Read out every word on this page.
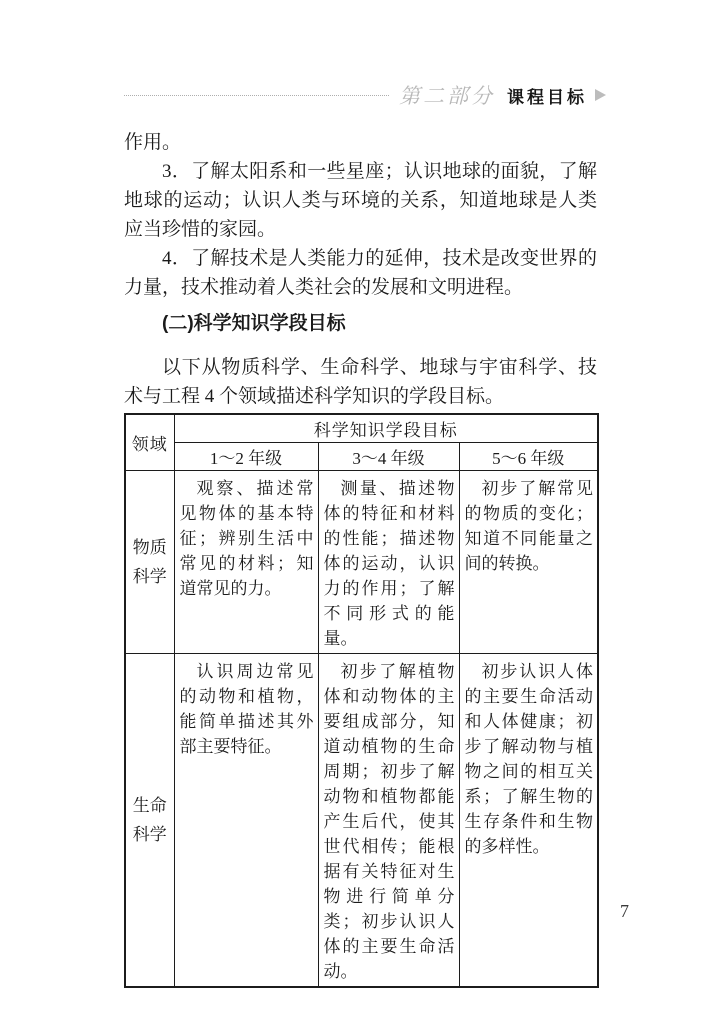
第二部分 课程目标

作用。

3．了解太阳系和一些星座；认识地球的面貌，了解地球的运动；认识人类与环境的关系，知道地球是人类应当珍惜的家园。

4．了解技术是人类能力的延伸，技术是改变世界的力量，技术推动着人类社会的发展和文明进程。

(二)科学知识学段目标

以下从物质科学、生命科学、地球与宇宙科学、技术与工程 4 个领域描述科学知识的学段目标。

领域	科学知识学段目标		
	1～2 年级	3～4 年级	5～6 年级
物质科学	观察、描述常见物体的基本特征；辨别生活中常见的材料；知道常见的力。	测量、描述物体的特征和材料的性能；描述物体的运动，认识力的作用；了解不同形式的能量。	初步了解常见的物质的变化；知道不同能量之间的转换。
生命科学	认识周边常见的动物和植物，能简单描述其外部主要特征。	初步了解植物体和动物体的主要组成部分，知道动植物的生命周期；初步了解动物和植物都能产生后代，使其世代相传；能根据有关特征对生物进行简单分类；初步认识人体的主要生命活动。	初步认识人体的主要生命活动和人体健康；初步了解动物与植物之间的相互关系；了解生物的生存条件和生物的多样性。
7
